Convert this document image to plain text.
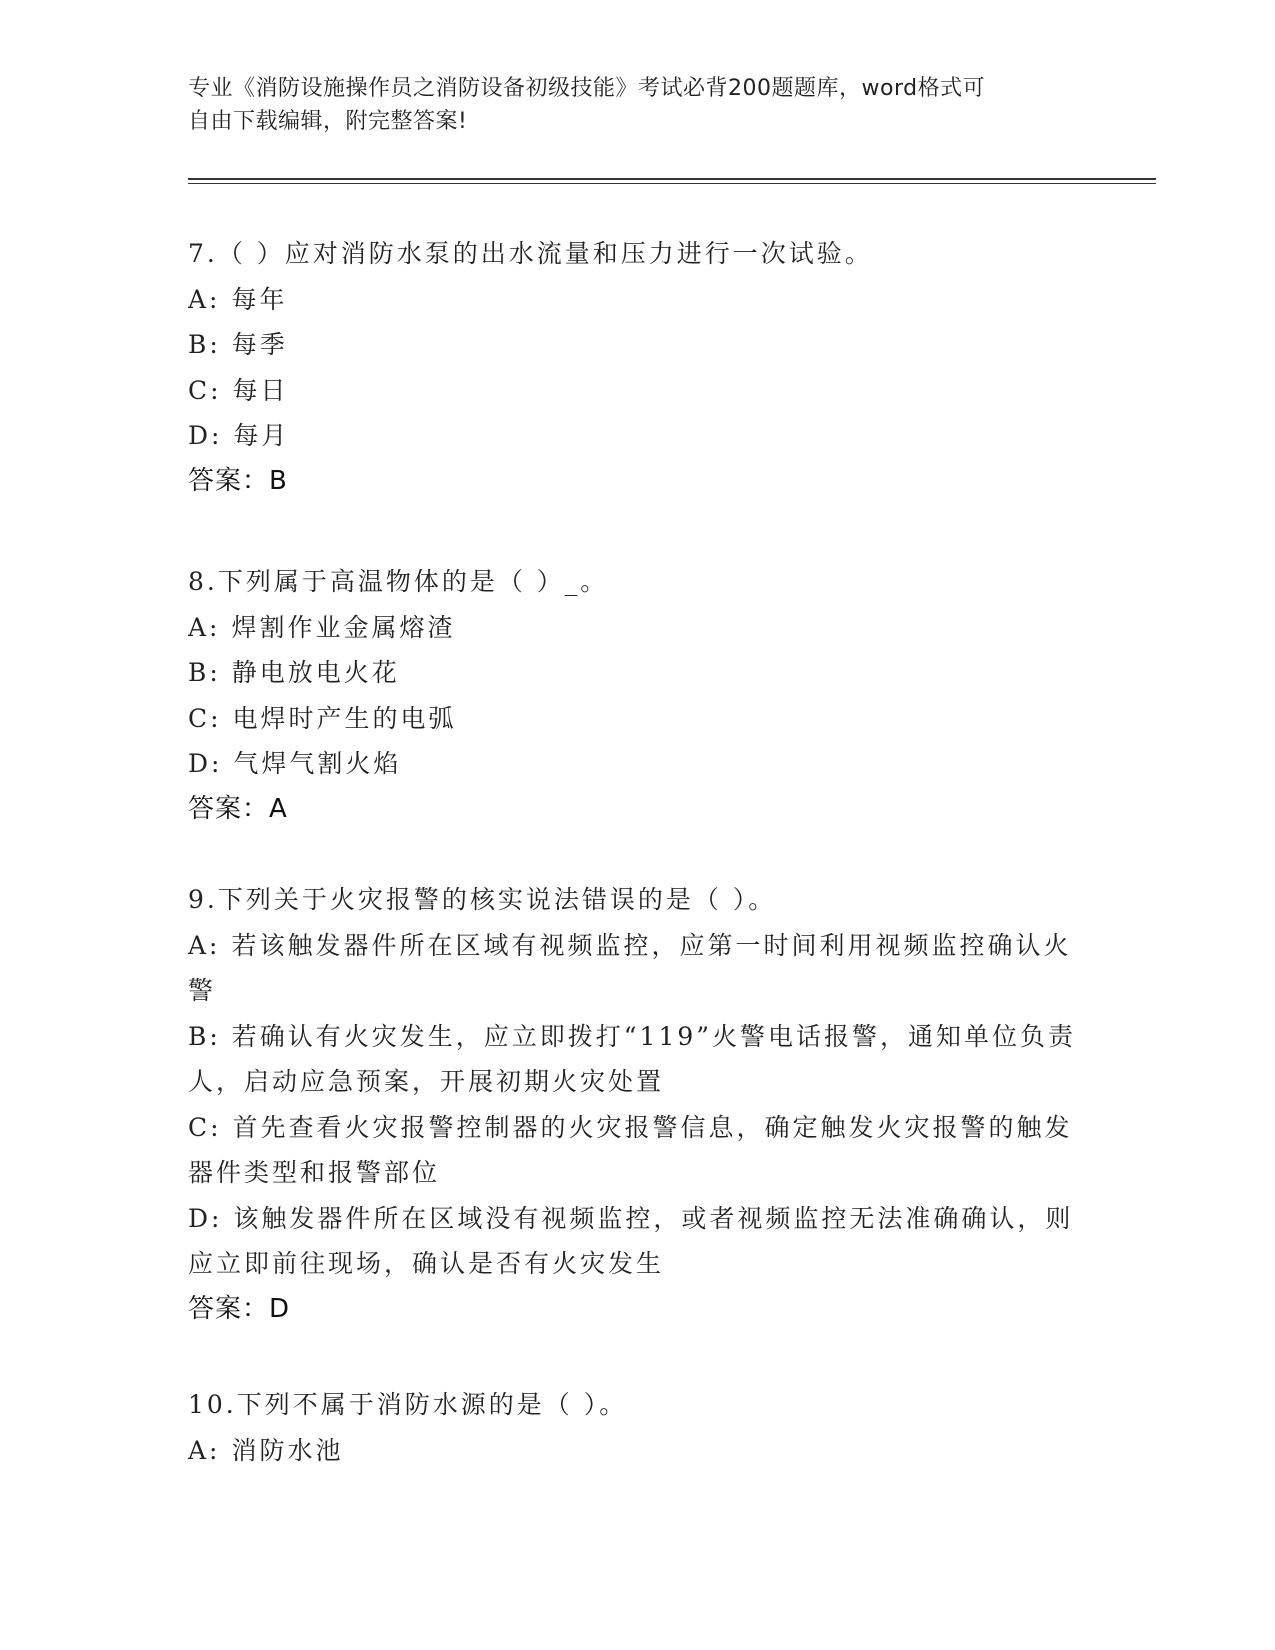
专业《消防设施操作员之消防设备初级技能》考试必背200题题库，word格式可
自由下载编辑，附完整答案!
7.（ ）应对消防水泵的出水流量和压力进行一次试验。
A: 每年
B: 每季
C: 每日
D: 每月
答案：B
8.下列属于高温物体的是（ ）_。
A: 焊割作业金属熔渣
B: 静电放电火花
C: 电焊时产生的电弧
D: 气焊气割火焰
答案：A
9.下列关于火灾报警的核实说法错误的是（ ）。
A: 若该触发器件所在区域有视频监控，应第一时间利用视频监控确认火警
B: 若确认有火灾发生，应立即拨打“119”火警电话报警，通知单位负责人，启动应急预案，开展初期火灾处置
C: 首先查看火灾报警控制器的火灾报警信息，确定触发火灾报警的触发器件类型和报警部位
D: 该触发器件所在区域没有视频监控，或者视频监控无法准确确认，则应立即前往现场，确认是否有火灾发生
答案：D
10.下列不属于消防水源的是（ ）。
A: 消防水池
